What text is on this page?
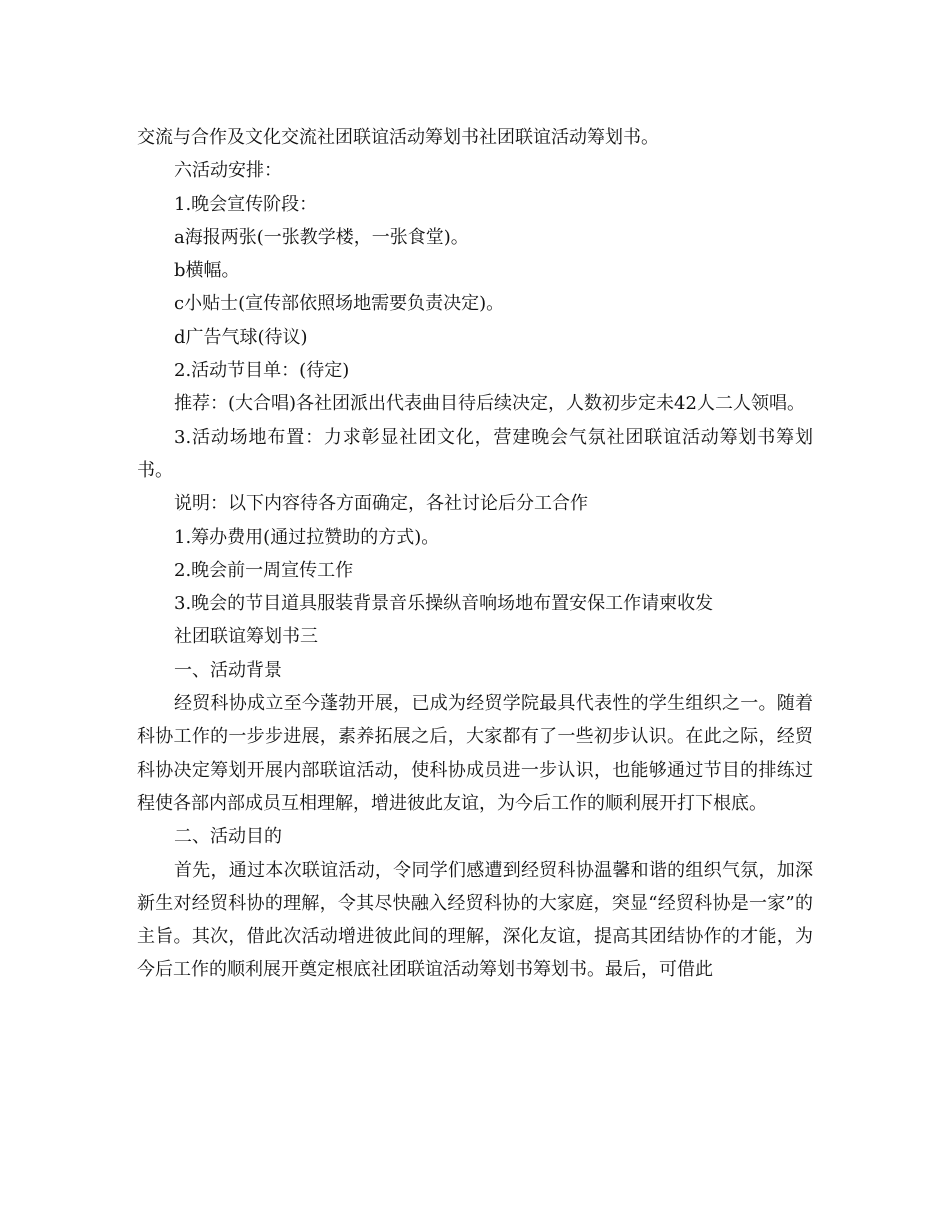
交流与合作及文化交流社团联谊活动筹划书社团联谊活动筹划书。

六活动安排：

1.晚会宣传阶段：

a海报两张(一张教学楼，一张食堂)。

b横幅。

c小贴士(宣传部依照场地需要负责决定)。

d广告气球(待议)

2.活动节目单：(待定)

推荐：(大合唱)各社团派出代表曲目待后续决定，人数初步定未42人二人领唱。

3.活动场地布置：力求彰显社团文化，营建晚会气氛社团联谊活动筹划书筹划书。

说明：以下内容待各方面确定，各社讨论后分工合作

1.筹办费用(通过拉赞助的方式)。

2.晚会前一周宣传工作

3.晚会的节目道具服装背景音乐操纵音响场地布置安保工作请柬收发

社团联谊筹划书三

一、活动背景

经贸科协成立至今蓬勃开展，已成为经贸学院最具代表性的学生组织之一。随着科协工作的一步步进展，素养拓展之后，大家都有了一些初步认识。在此之际，经贸科协决定筹划开展内部联谊活动，使科协成员进一步认识，也能够通过节目的排练过程使各部内部成员互相理解，增进彼此友谊，为今后工作的顺利展开打下根底。

二、活动目的

首先，通过本次联谊活动，令同学们感遭到经贸科协温馨和谐的组织气氛，加深新生对经贸科协的理解，令其尽快融入经贸科协的大家庭，突显“经贸科协是一家”的主旨。其次，借此次活动增进彼此间的理解，深化友谊，提高其团结协作的才能，为今后工作的顺利展开奠定根底社团联谊活动筹划书筹划书。最后，可借此
